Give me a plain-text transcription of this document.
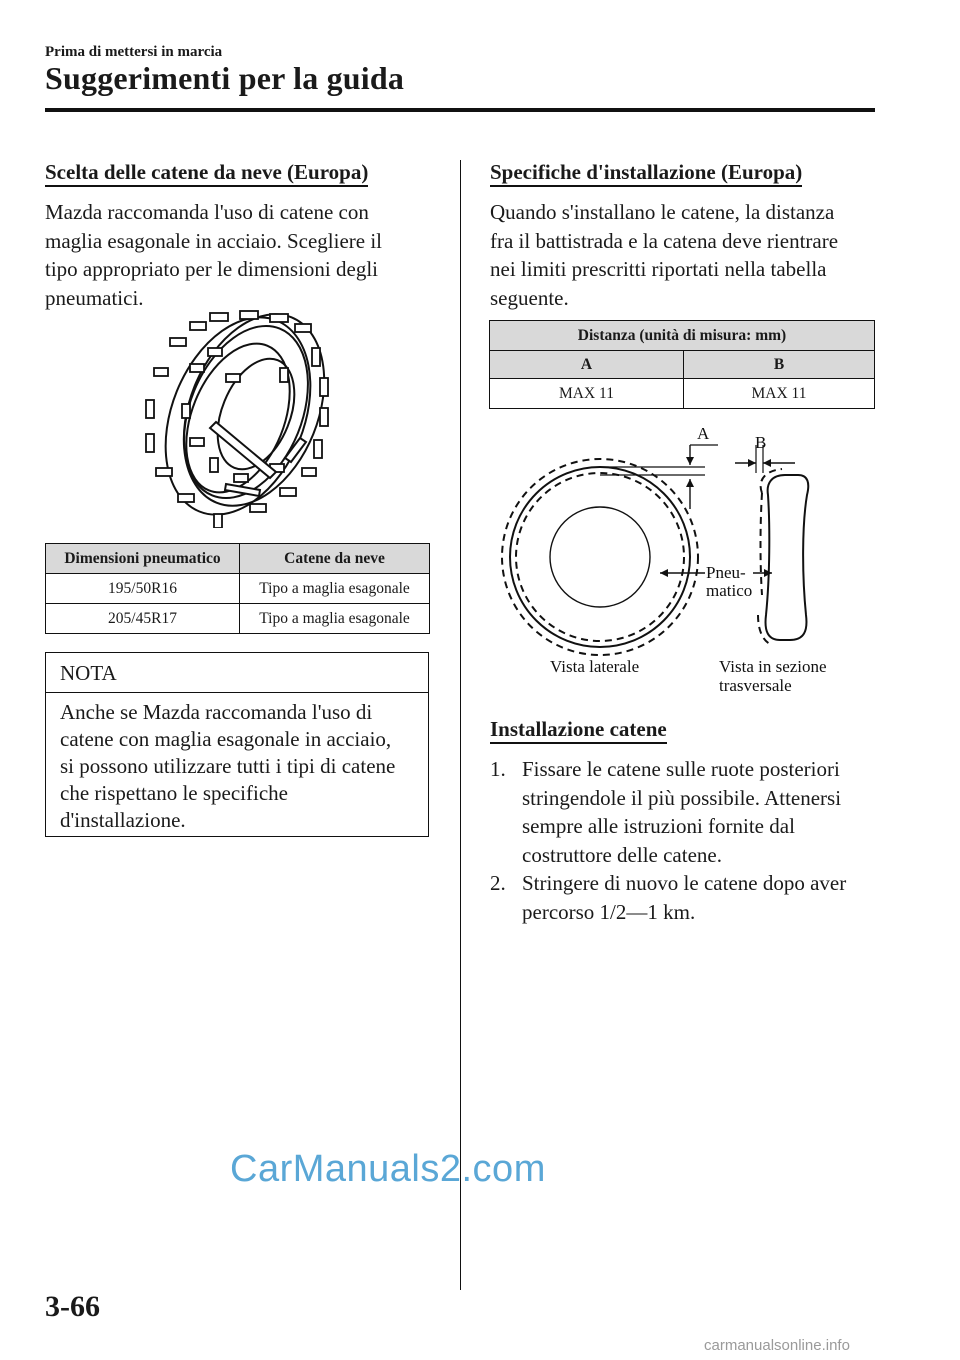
Prima di mettersi in marcia
Suggerimenti per la guida
Scelta delle catene da neve (Europa)
Mazda raccomanda l'uso di catene con
maglia esagonale in acciaio. Scegliere il
tipo appropriato per le dimensioni degli
pneumatici.
Dimensioni pneumatico	Catene da neve
195/50R16	Tipo a maglia esagonale
205/45R17	Tipo a maglia esagonale
NOTA
Anche se Mazda raccomanda l'uso di
catene con maglia esagonale in acciaio,
si possono utilizzare tutti i tipi di catene
che rispettano le specifiche
d'installazione.
Specifiche d'installazione (Europa)
Quando s'installano le catene, la distanza
fra il battistrada e la catena deve rientrare
nei limiti prescritti riportati nella tabella
seguente.
Distanza (unità di misura: mm)	
A	B
MAX 11	MAX 11
A	B
Pneu-
matico
Vista laterale	Vista in sezione
trasversale
Installazione catene
1. Fissare le catene sulle ruote posteriori
stringendole il più possibile. Attenersi
sempre alle istruzioni fornite dal
costruttore delle catene.
2. Stringere di nuovo le catene dopo aver
percorso 1/2―1 km.
CarManuals2.com
3-66
carmanualsonline.info
